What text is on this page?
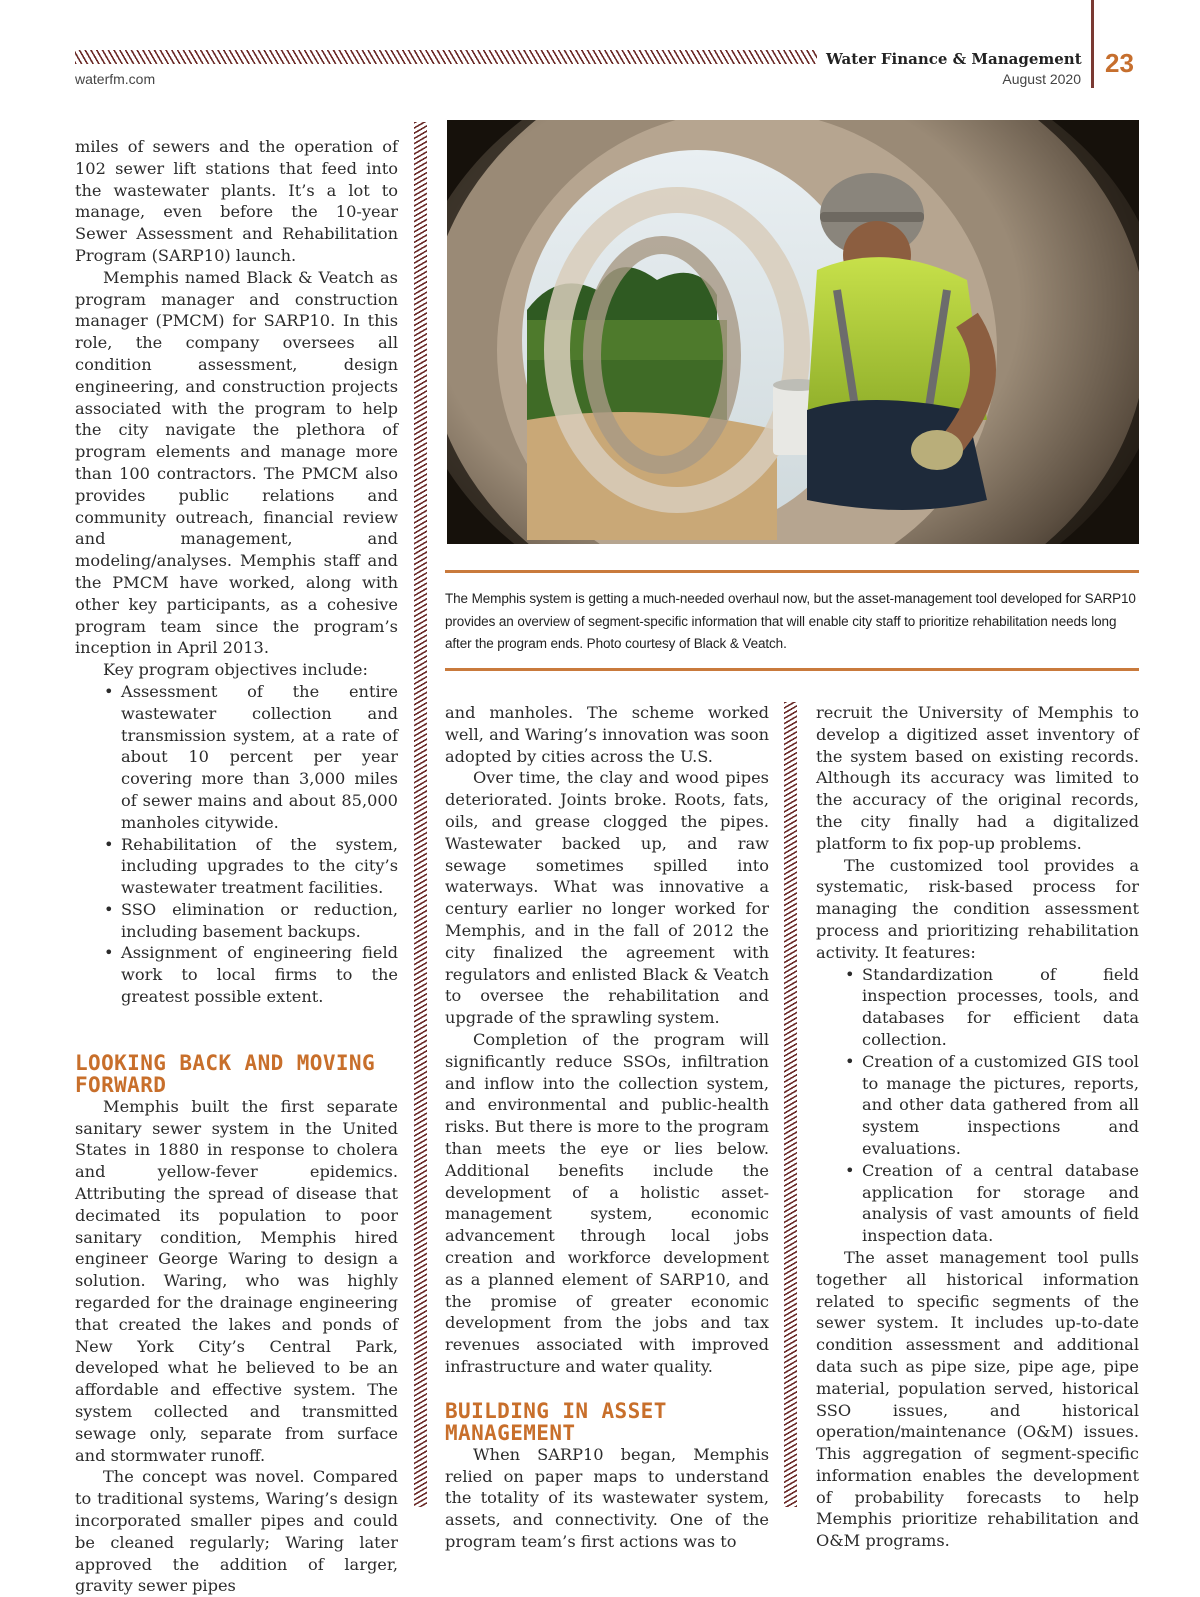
Water Finance & Management
August 2020
waterfm.com
23

miles of sewers and the operation of 102 sewer lift stations that feed into the wastewater plants. It’s a lot to manage, even before the 10-year Sewer Assessment and Rehabilitation Program (SARP10) launch.

Memphis named Black & Veatch as program manager and construction manager (PMCM) for SARP10. In this role, the company oversees all condition assessment, design engineering, and construction projects associated with the program to help the city navigate the plethora of program elements and manage more than 100 contractors. The PMCM also provides public relations and community outreach, financial review and management, and modeling/analyses. Memphis staff and the PMCM have worked, along with other key participants, as a cohesive program team since the program’s inception in April 2013.

Key program objectives include:

• Assessment of the entire wastewater collection and transmission system, at a rate of about 10 percent per year covering more than 3,000 miles of sewer mains and about 85,000 manholes citywide.
• Rehabilitation of the system, including upgrades to the city’s wastewater treatment facilities.
• SSO elimination or reduction, including basement backups.
• Assignment of engineering field work to local firms to the greatest possible extent.
LOOKING BACK AND MOVING FORWARD

Memphis built the first separate sanitary sewer system in the United States in 1880 in response to cholera and yellow-fever epidemics. Attributing the spread of disease that decimated its population to poor sanitary condition, Memphis hired engineer George Waring to design a solution. Waring, who was highly regarded for the drainage engineering that created the lakes and ponds of New York City’s Central Park, developed what he believed to be an affordable and effective system. The system collected and transmitted sewage only, separate from surface and stormwater runoff.

The concept was novel. Compared to traditional systems, Waring’s design incorporated smaller pipes and could be cleaned regularly; Waring later approved the addition of larger, gravity sewer pipes

The Memphis system is getting a much-needed overhaul now, but the asset-management tool developed for SARP10 provides an overview of segment-specific information that will enable city staff to prioritize rehabilitation needs long after the program ends. Photo courtesy of Black & Veatch.

and manholes. The scheme worked well, and Waring’s innovation was soon adopted by cities across the U.S.

Over time, the clay and wood pipes deteriorated. Joints broke. Roots, fats, oils, and grease clogged the pipes. Wastewater backed up, and raw sewage sometimes spilled into waterways. What was innovative a century earlier no longer worked for Memphis, and in the fall of 2012 the city finalized the agreement with regulators and enlisted Black & Veatch to oversee the rehabilitation and upgrade of the sprawling system.

Completion of the program will significantly reduce SSOs, infiltration and inflow into the collection system, and environmental and public-health risks. But there is more to the program than meets the eye or lies below. Additional benefits include the development of a holistic asset-management system, economic advancement through local jobs creation and workforce development as a planned element of SARP10, and the promise of greater economic development from the jobs and tax revenues associated with improved infrastructure and water quality.

BUILDING IN ASSET MANAGEMENT

When SARP10 began, Memphis relied on paper maps to understand the totality of its wastewater system, assets, and connectivity. One of the program team’s first actions was to

recruit the University of Memphis to develop a digitized asset inventory of the system based on existing records. Although its accuracy was limited to the accuracy of the original records, the city finally had a digitalized platform to fix pop-up problems.

The customized tool provides a systematic, risk-based process for managing the condition assessment process and prioritizing rehabilitation activity. It features:

• Standardization of field inspection processes, tools, and databases for efficient data collection.
• Creation of a customized GIS tool to manage the pictures, reports, and other data gathered from all system inspections and evaluations.
• Creation of a central database application for storage and analysis of vast amounts of field inspection data.

The asset management tool pulls together all historical information related to specific segments of the sewer system. It includes up-to-date condition assessment and additional data such as pipe size, pipe age, pipe material, population served, historical SSO issues, and historical operation/maintenance (O&M) issues. This aggregation of segment-specific information enables the development of probability forecasts to help Memphis prioritize rehabilitation and O&M programs.
